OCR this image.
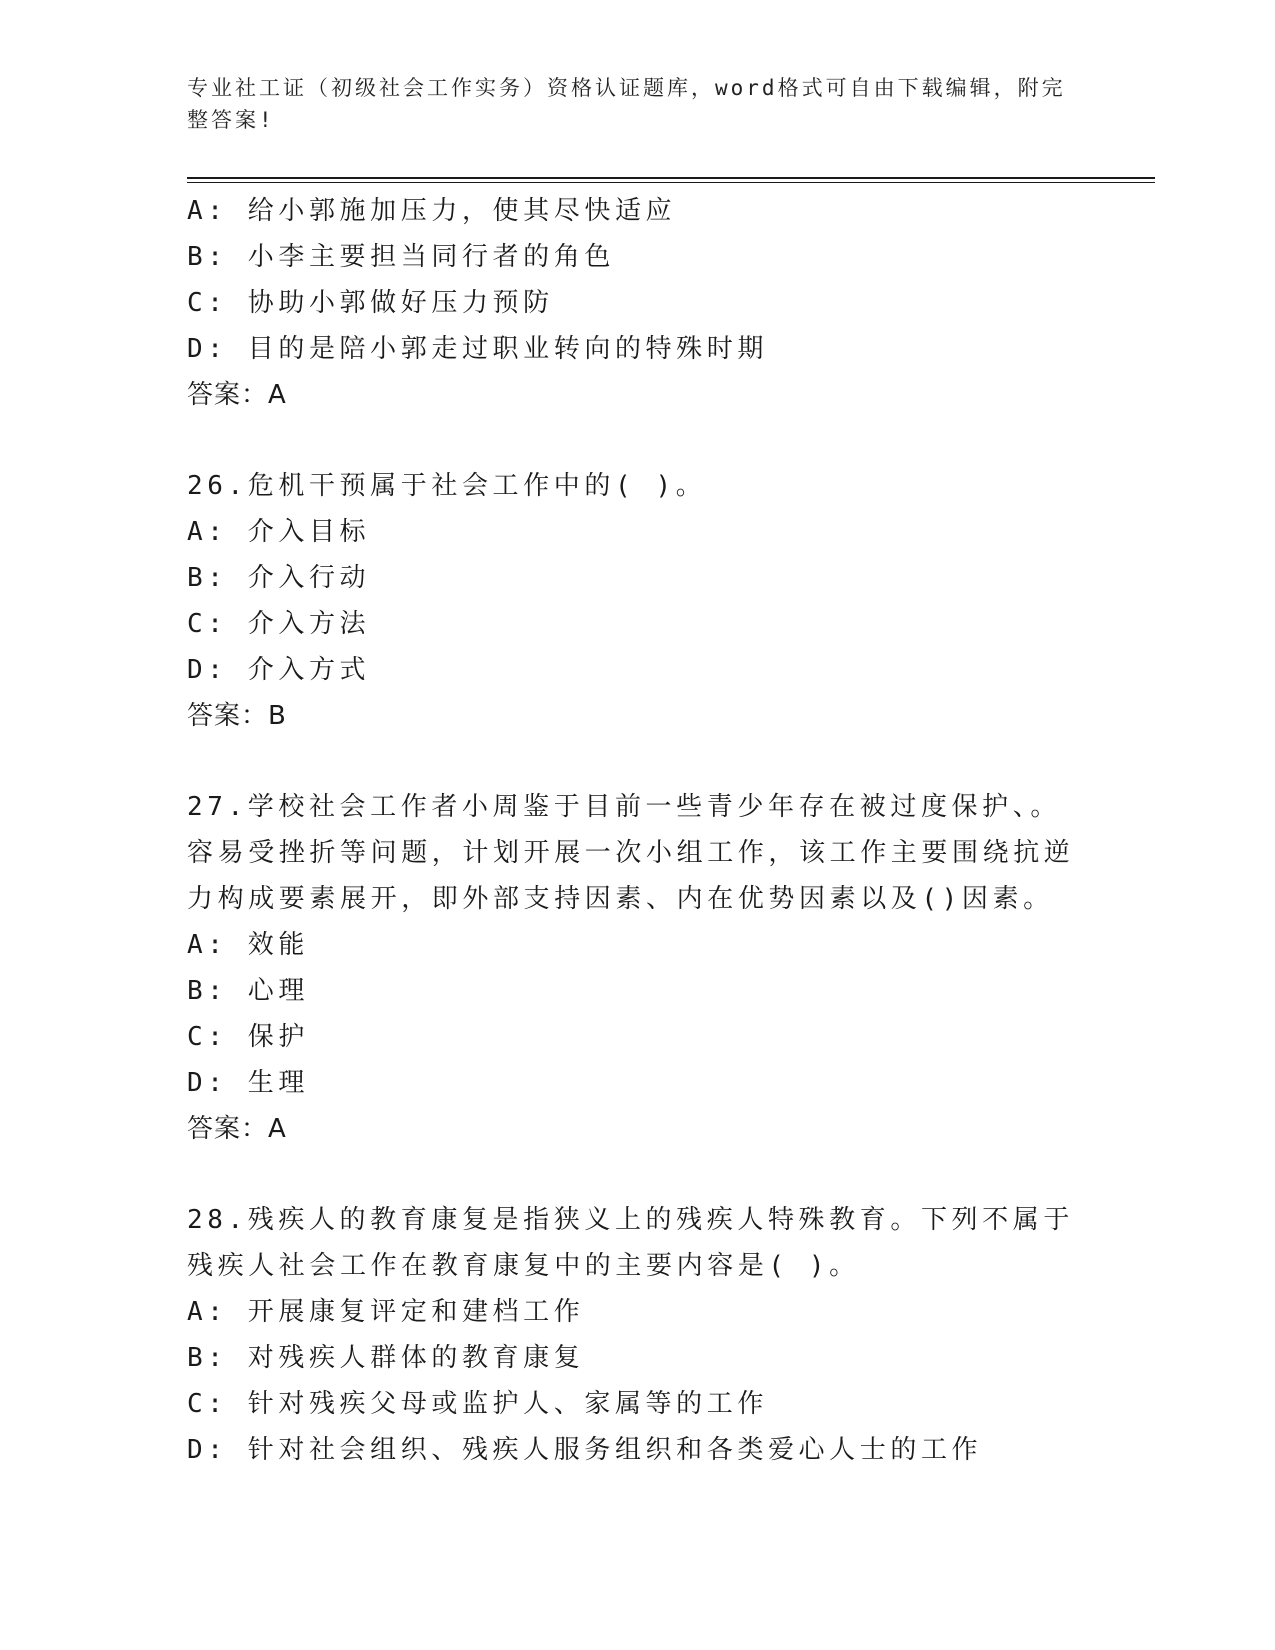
专业社工证（初级社会工作实务）资格认证题库，word格式可自由下载编辑，附完整答案!
A: 给小郭施加压力，使其尽快适应
B: 小李主要担当同行者的角色
C: 协助小郭做好压力预防
D: 目的是陪小郭走过职业转向的特殊时期
答案：A
26.危机干预属于社会工作中的( )。
A: 介入目标
B: 介入行动
C: 介入方法
D: 介入方式
答案：B
27.学校社会工作者小周鉴于目前一些青少年存在被过度保护、。容易受挫折等问题，计划开展一次小组工作，该工作主要围绕抗逆力构成要素展开，即外部支持因素、内在优势因素以及()因素。
A: 效能
B: 心理
C: 保护
D: 生理
答案：A
28.残疾人的教育康复是指狭义上的残疾人特殊教育。下列不属于残疾人社会工作在教育康复中的主要内容是( )。
A: 开展康复评定和建档工作
B: 对残疾人群体的教育康复
C: 针对残疾父母或监护人、家属等的工作
D: 针对社会组织、残疾人服务组织和各类爱心人士的工作
